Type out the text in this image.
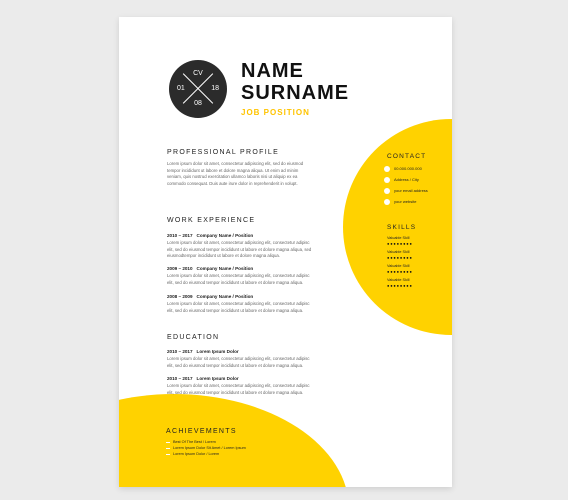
CV
01	18
08
NAME
SURNAME
JOB POSITION
PROFESSIONAL PROFILE
Lorem ipsum dolor sit amet, consectetur adipiscing elit, sed do eiusmod
tempor incididunt ut labore et dolore magna aliqua. Ut enim ad minim
veniam, quis nostrud exercitation ullamco laboris nisi ut aliquip ex ea
commodo consequat. Duis aute irure dolor in reprehenderit in volupt.
WORK EXPERIENCE
2010 – 2017 Company Name / Position
Lorem ipsum dolor sit amet, consectetur adipiscing elit, consectetur adipisc
elit, sed do eiusmod tempor incididunt ut labore et dolore magna aliqua, sed
eiusmodtempor incididunt ut labore et dolore magna aliqua.
2009 – 2010 Company Name / Position
Lorem ipsum dolor sit amet, consectetur adipiscing elit, consectetur adipisc
elit, sed do eiusmod tempor incididunt ut labore et dolore magna aliqua.
2008 – 2009 Company Name / Position
Lorem ipsum dolor sit amet, consectetur adipiscing elit, consectetur adipisc
elit, sed do eiusmod tempor incididunt ut labore et dolore magna aliqua.
EDUCATION
2010 – 2017 Lorem Ipsum Dolor
Lorem ipsum dolor sit amet, consectetur adipiscing elit, consectetur adipisc
elit, sed do eiusmod tempor incididunt ut labore et dolore magna aliqua.
2010 – 2017 Lorem Ipsum Dolor
Lorem ipsum dolor sit amet, consectetur adipiscing elit, consectetur adipisc
elit, sed do eiusmod tempor incididunt ut labore et dolore magna aliqua.
CONTACT
00.000.000.000
Address / City
your email address
your website
SKILLS
Valuable Skill
●●●●●●●●
Valuable Skill
●●●●●●●●
Valuable Skill
●●●●●●●●
Valuable Skill
●●●●●●●●
ACHIEVEMENTS
Best Of The Best / Lorem
Lorem Ipsum Dolor Sit Amet / Lorem Ipsum
Lorem Ipsum Dolor / Lorem
